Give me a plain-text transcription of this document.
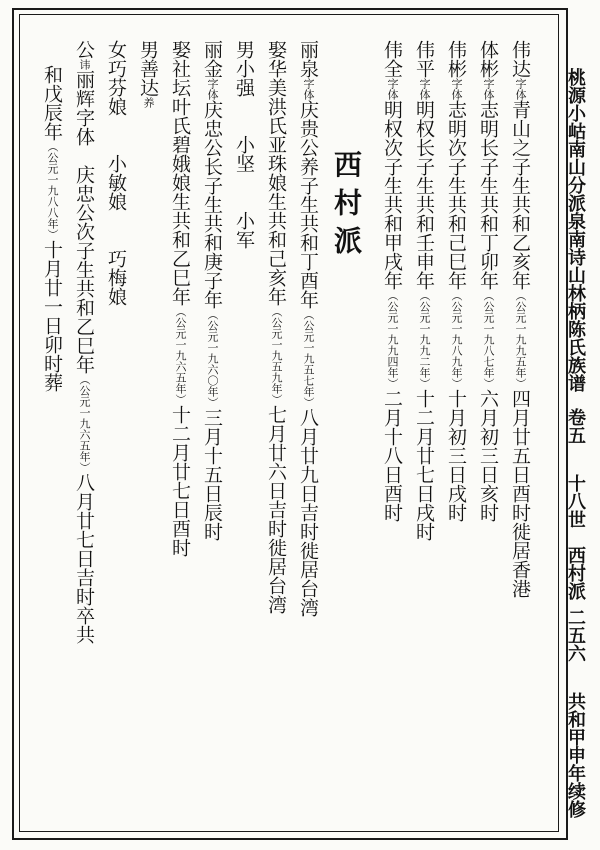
桃源小岵南山分派泉南诗山林柄陈氏族谱
卷五
十八世　西村派
二五六
共和甲申年续修
西村派
伟达字体青山之子生共和乙亥年（公元一九九五年）四月廿五日酉时徙居香港
体彬字体志明长子生共和丁卯年（公元一九八七年）六月初三日亥时
伟彬字体志明次子生共和己巳年（公元一九八九年）十月初三日戌时
伟平字体明权长子生共和壬申年（公元一九九二年）十二月廿七日戌时
伟全字体明权次子生共和甲戌年（公元一九九四年）二月十八日酉时
丽泉字体庆贵公养子生共和丁酉年（公元一九五七年）八月廿九日吉时徙居台湾
娶华美洪氏亚珠娘生共和己亥年（公元一九五九年）七月廿六日吉时徙居台湾
男小强　　小坚　　小军
丽金字体庆忠公长子生共和庚子年（公元一九六〇年）三月十五日辰时
娶社坛叶氏碧娥娘生共和乙巳年（公元一九六五年）十二月廿七日酉时
男善达养
女巧芬娘　　小敏娘　　巧梅娘
公讳丽辉字体　庆忠公次子生共和乙巳年（公元一九六五年）八月廿七日吉时卒共
和戊辰年（公元一九八八年）十月廿一日卯时葬
